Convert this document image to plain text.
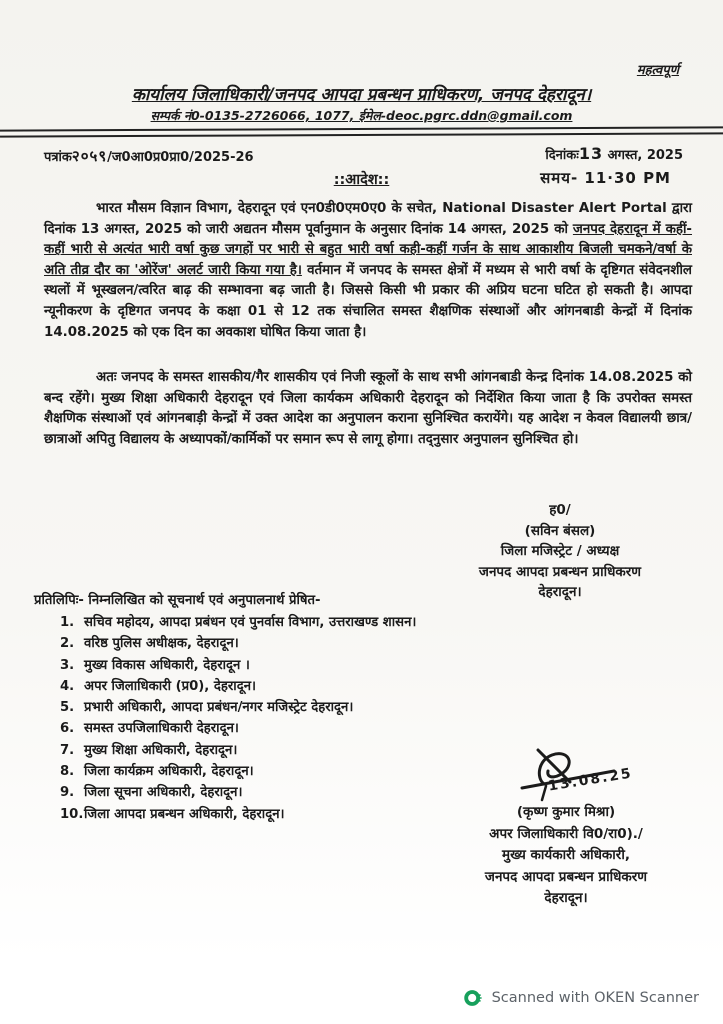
महत्वपूर्ण
कार्यालय जिलाधिकारी/जनपद आपदा प्रबन्धन प्राधिकरण, जनपद देहरादून।
सम्पर्क नं0-0135-2726066, 1077, ईमेल-deoc.pgrc.ddn@gmail.com
पत्रांक२०५९/ज0आ0प्र0प्रा0/2025-26	दिनांकः13 अगस्त, 2025
समय- 11·30 PM
::आदेश::
भारत मौसम विज्ञान विभाग, देहरादून एवं एन0डी0एम0ए0 के सचेत, National Disaster Alert Portal द्वारा दिनांक 13 अगस्त, 2025 को जारी अद्यतन मौसम पूर्वानुमान के अनुसार दिनांक 14 अगस्त, 2025 को जनपद देहरादून में कहीं-कहीं भारी से अत्यंत भारी वर्षा कुछ जगहों पर भारी से बहुत भारी वर्षा कही-कहीं गर्जन के साथ आकाशीय बिजली चमकने/वर्षा के अति तीव्र दौर का 'ओरेंज' अलर्ट जारी किया गया है। वर्तमान में जनपद के समस्त क्षेत्रों में मध्यम से भारी वर्षा के दृष्टिगत संवेदनशील स्थलों में भूस्खलन/त्वरित बाढ़ की सम्भावना बढ़ जाती है। जिससे किसी भी प्रकार की अप्रिय घटना घटित हो सकती है। आपदा न्यूनीकरण के दृष्टिगत जनपद के कक्षा 01 से 12 तक संचालित समस्त शैक्षणिक संस्थाओं और आंगनबाडी केन्द्रों में दिनांक 14.08.2025 को एक दिन का अवकाश घोषित किया जाता है।
अतः जनपद के समस्त शासकीय/गैर शासकीय एवं निजी स्कूलों के साथ सभी आंगनबाडी केन्द्र दिनांक 14.08.2025 को बन्द रहेंगे। मुख्य शिक्षा अधिकारी देहरादून एवं जिला कार्यकम अधिकारी देहरादून को निर्देशित किया जाता है कि उपरोक्त समस्त शैक्षणिक संस्थाओं एवं आंगनबाड़ी केन्द्रों में उक्त आदेश का अनुपालन कराना सुनिश्चित करायेंगे। यह आदेश न केवल विद्यालयी छात्र/छात्राओं अपितु विद्यालय के अध्यापकों/कार्मिकों पर समान रूप से लागू होगा। तद्नुसार अनुपालन सुनिश्चित हो।
ह0/
(सविन बंसल)
जिला मजिस्ट्रेट / अध्यक्ष
जनपद आपदा प्रबन्धन प्राधिकरण
देहरादून।
प्रतिलिपिः- निम्नलिखित को सूचनार्थ एवं अनुपालनार्थ प्रेषित-
1. सचिव महोदय, आपदा प्रबंधन एवं पुनर्वास विभाग, उत्तराखण्ड शासन।
2. वरिष्ठ पुलिस अधीक्षक, देहरादून।
3. मुख्य विकास अधिकारी, देहरादून ।
4. अपर जिलाधिकारी (प्र0), देहरादून।
5. प्रभारी अधिकारी, आपदा प्रबंधन/नगर मजिस्ट्रेट देहरादून।
6. समस्त उपजिलाधिकारी देहरादून।
7. मुख्य शिक्षा अधिकारी, देहरादून।
8. जिला कार्यक्रम अधिकारी, देहरादून।
9. जिला सूचना अधिकारी, देहरादून।
10. जिला आपदा प्रबन्धन अधिकारी, देहरादून।
13.08.25
(कृष्ण कुमार मिश्रा)
अपर जिलाधिकारी वि0/रा0)./
मुख्य कार्यकारी अधिकारी,
जनपद आपदा प्रबन्धन प्राधिकरण
देहरादून।
Scanned with OKEN Scanner
